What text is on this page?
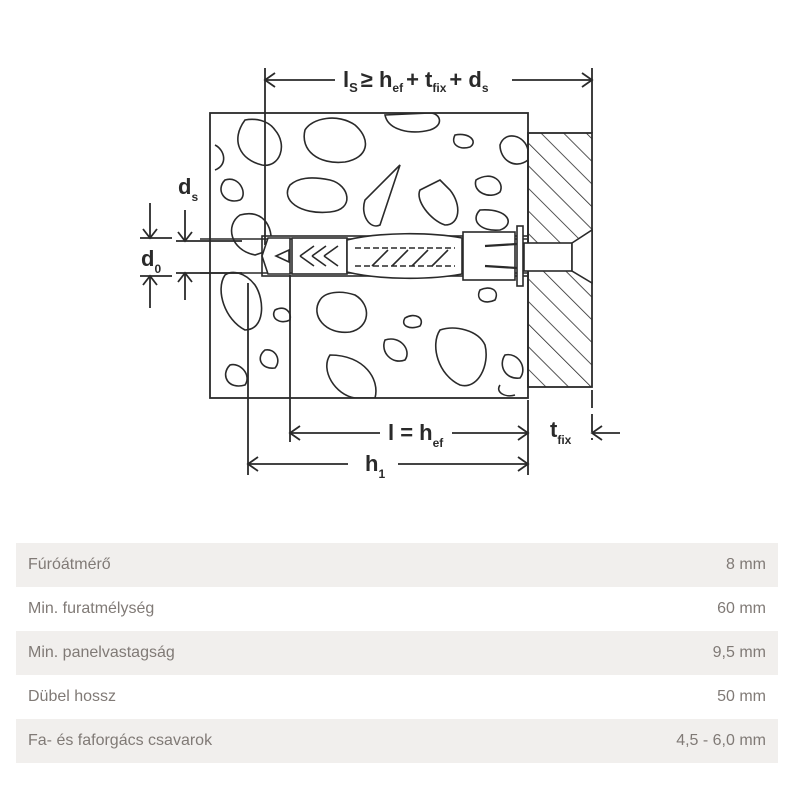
$l_S \ge h_{ef} + t_{fix} + d_s$
$d_s$
$d_0$
$l = h_{ef}$
$h_1$
$t_{fix}$
Fúróátmérő	8 mm
Min. furatmélység	60 mm
Min. panelvastagság	9,5 mm
Dübel hossz	50 mm
Fa- és faforgács csavarok	4,5 - 6,0 mm
